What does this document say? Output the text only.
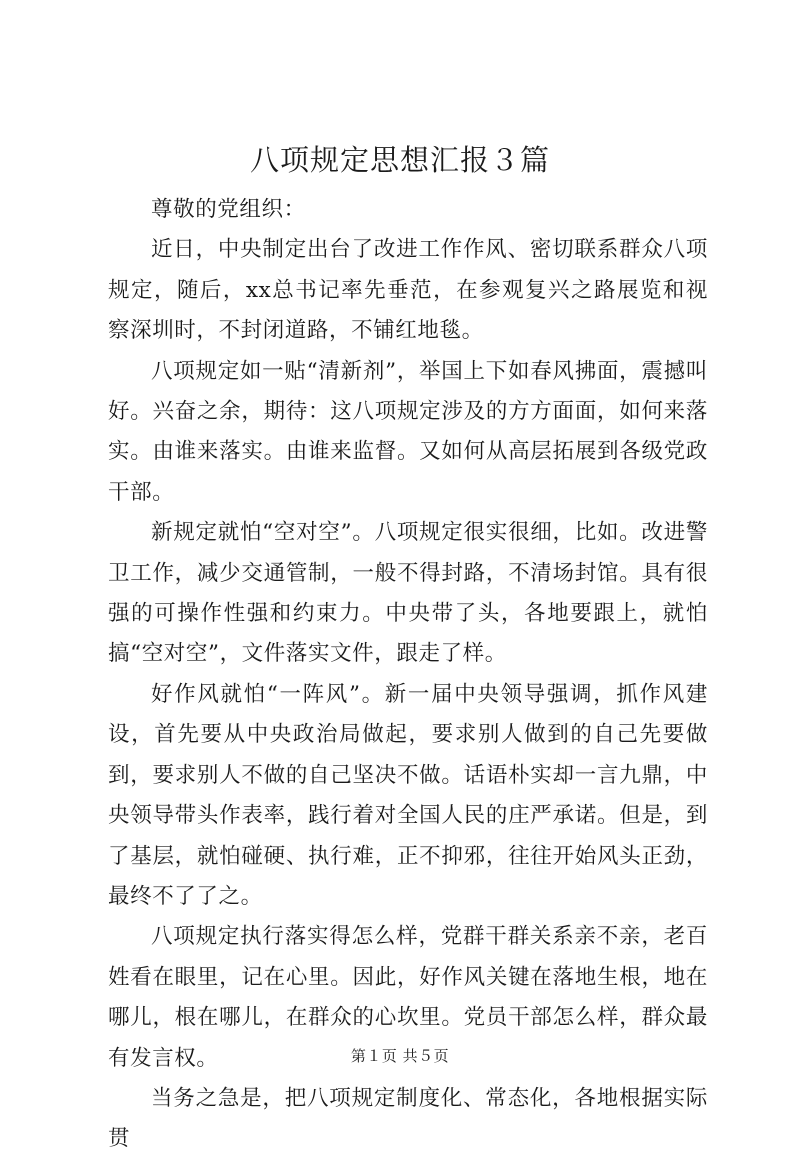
八项规定思想汇报３篇

尊敬的党组织：

近日，中央制定出台了改进工作作风、密切联系群众八项规定，随后，xx总书记率先垂范，在参观复兴之路展览和视察深圳时，不封闭道路，不铺红地毯。

八项规定如一贴“清新剂”，举国上下如春风拂面，震撼叫好。兴奋之余，期待：这八项规定涉及的方方面面，如何来落实。由谁来落实。由谁来监督。又如何从高层拓展到各级党政干部。

新规定就怕“空对空”。八项规定很实很细，比如。改进警卫工作，减少交通管制，一般不得封路，不清场封馆。具有很强的可操作性强和约束力。中央带了头，各地要跟上，就怕搞“空对空”，文件落实文件，跟走了样。

好作风就怕“一阵风”。新一届中央领导强调，抓作风建设，首先要从中央政治局做起，要求别人做到的自己先要做到，要求别人不做的自己坚决不做。话语朴实却一言九鼎，中央领导带头作表率，践行着对全国人民的庄严承诺。但是，到了基层，就怕碰硬、执行难，正不抑邪，往往开始风头正劲，最终不了了之。

八项规定执行落实得怎么样，党群干群关系亲不亲，老百姓看在眼里，记在心里。因此，好作风关键在落地生根，地在哪儿，根在哪儿，在群众的心坎里。党员干部怎么样，群众最有发言权。

当务之急是，把八项规定制度化、常态化，各地根据实际贯

第１页 共５页
